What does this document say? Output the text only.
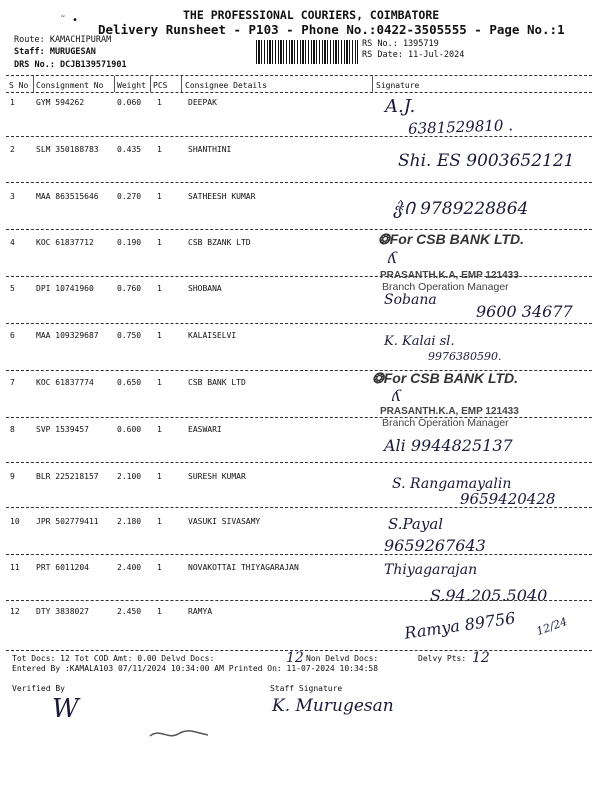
THE PROFESSIONAL COURIERS, COIMBATORE
˜ •
Delivery Runsheet - P103 - Phone No.:0422-3505555 - Page No.:1
Route: KAMACHIPURAM
Staff: MURUGESAN
DRS No.: DCJB139571901
RS No.: 1395719
RS Date: 11-Jul-2024
S No Consignment No Weight PCS Consignee Details	Signature
1	GYM 594262	0.060 1	DEEPAK	A.J.
6381529810 .
2	SLM 350188783 0.435 1	SHANTHINI
Shi. ES 9003652121
3	MAA 863515646 0.270 1	SATHEESH KUMAR
ჭᲘ 9789228864
4	KOC 61837712	0.190 1	CSB BZANK LTD	❂For CSB BANK LTD.
ʎ
PRASANTH.K.A, EMP 121433
Branch Operation Manager
5	DPI 10741960	0.760 1	SHOBANA
Sobana
9600 34677
6	MAA 109329687 0.750 1	KALAISELVI	K. Kalai sl.
9976380590.
7	KOC 61837774	0.650 1	CSB BANK LTD	❂For CSB BANK LTD.
ʎ
PRASANTH.K.A, EMP 121433
Branch Operation Manager
8	SVP 1539457	0.600 1	EASWARI
Ali 9944825137
9	BLR 225218157 2.100 1	SURESH KUMAR	S. Rangamayalin
9659420428
10 JPR 502779411 2.180 1	VASUKI SIVASAMY	S.Payal
9659267643
11 PRT 6011204	2.400 1	NOVAKOTTAI THIYAGARAJAN	Thiyagarajan
S.94.205.5040
12 DTY 3838027	2.450 1	RAMYA	Ramya 89756 12/24
Tot Docs: 12 Tot COD Amt: 0.00 Delvd Docs:	12 Non Delvd Docs:	Delvy Pts: 12
Entered By :KAMALA103 07/11/2024 10:34:00 AM Printed On: 11-07-2024 10:34:58
Verified By	Staff Signature
W	K. Murugesan
